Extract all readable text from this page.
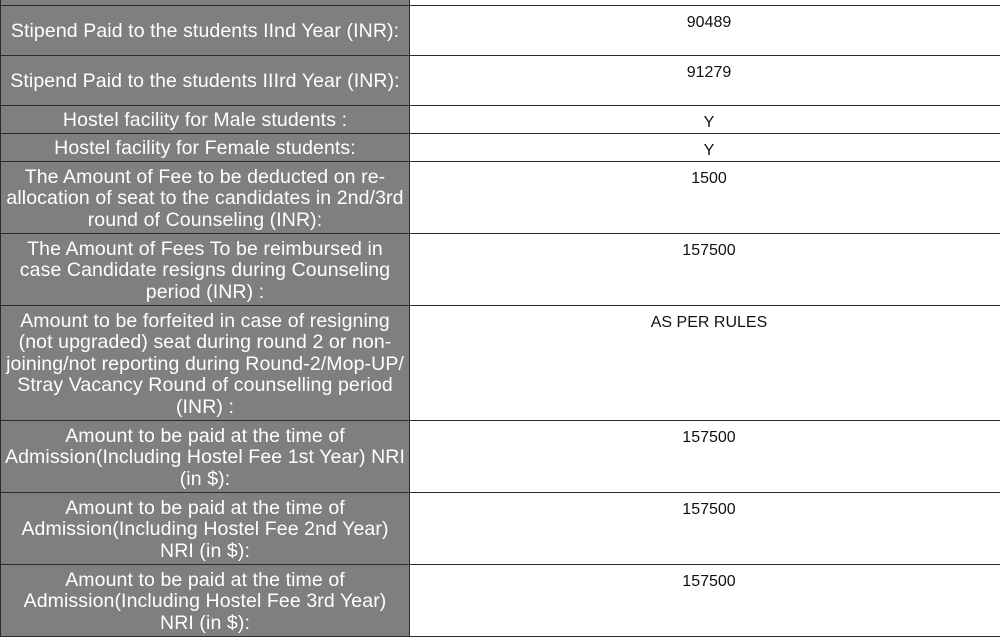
Stipend Paid to the students IInd Year (INR):	90489

Stipend Paid to the students IIIrd Year (INR):	91279

Hostel facility for Male students :	Y

Hostel facility for Female students:	Y

The Amount of Fee to be deducted on re-allocation of seat to the candidates in 2nd/3rd round of Counseling (INR):	1500

The Amount of Fees To be reimbursed in case Candidate resigns during Counseling period (INR) :	157500

Amount to be forfeited in case of resigning (not upgraded) seat during round 2 or non-joining/not reporting during Round-2/Mop-UP/ Stray Vacancy Round of counselling period (INR) :	AS PER RULES

Amount to be paid at the time of Admission(Including Hostel Fee 1st Year) NRI (in $):	157500

Amount to be paid at the time of Admission(Including Hostel Fee 2nd Year) NRI (in $):	157500

Amount to be paid at the time of Admission(Including Hostel Fee 3rd Year) NRI (in $):	157500
